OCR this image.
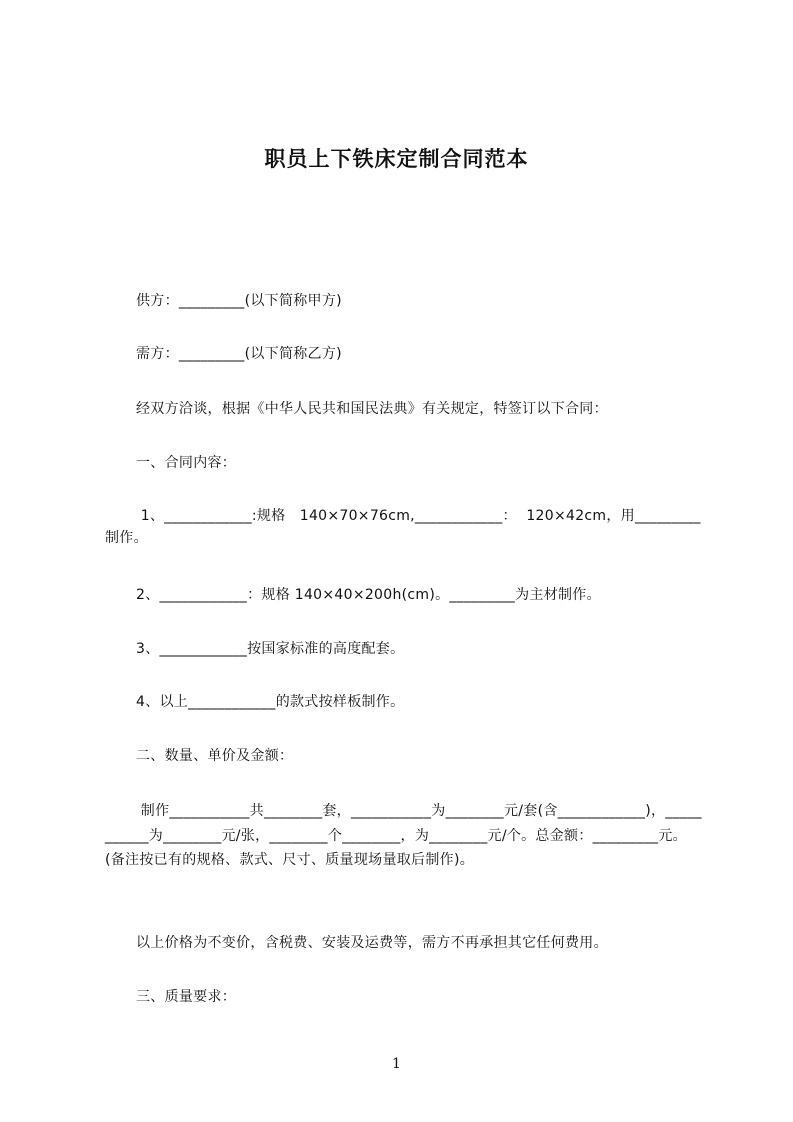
职员上下铁床定制合同范本

供方：_________(以下简称甲方)

需方：_________(以下简称乙方)

经双方洽谈，根据《中华人民共和国民法典》有关规定，特签订以下合同：

一、合同内容：

1、____________:规格   140×70×76cm,____________：  120×42cm，用_________制作。

2、____________：规格 140×40×200h(cm)。_________为主材制作。

3、____________按国家标准的高度配套。

4、以上____________的款式按样板制作。

二、数量、单价及金额：

制作___________共________套，___________为________元/套(含____________)，___________为________元/张，________个________，为________元/个。总金额：_________元。(备注按已有的规格、款式、尺寸、质量现场量取后制作)。

以上价格为不变价，含税费、安装及运费等，需方不再承担其它任何费用。

三、质量要求：

1
